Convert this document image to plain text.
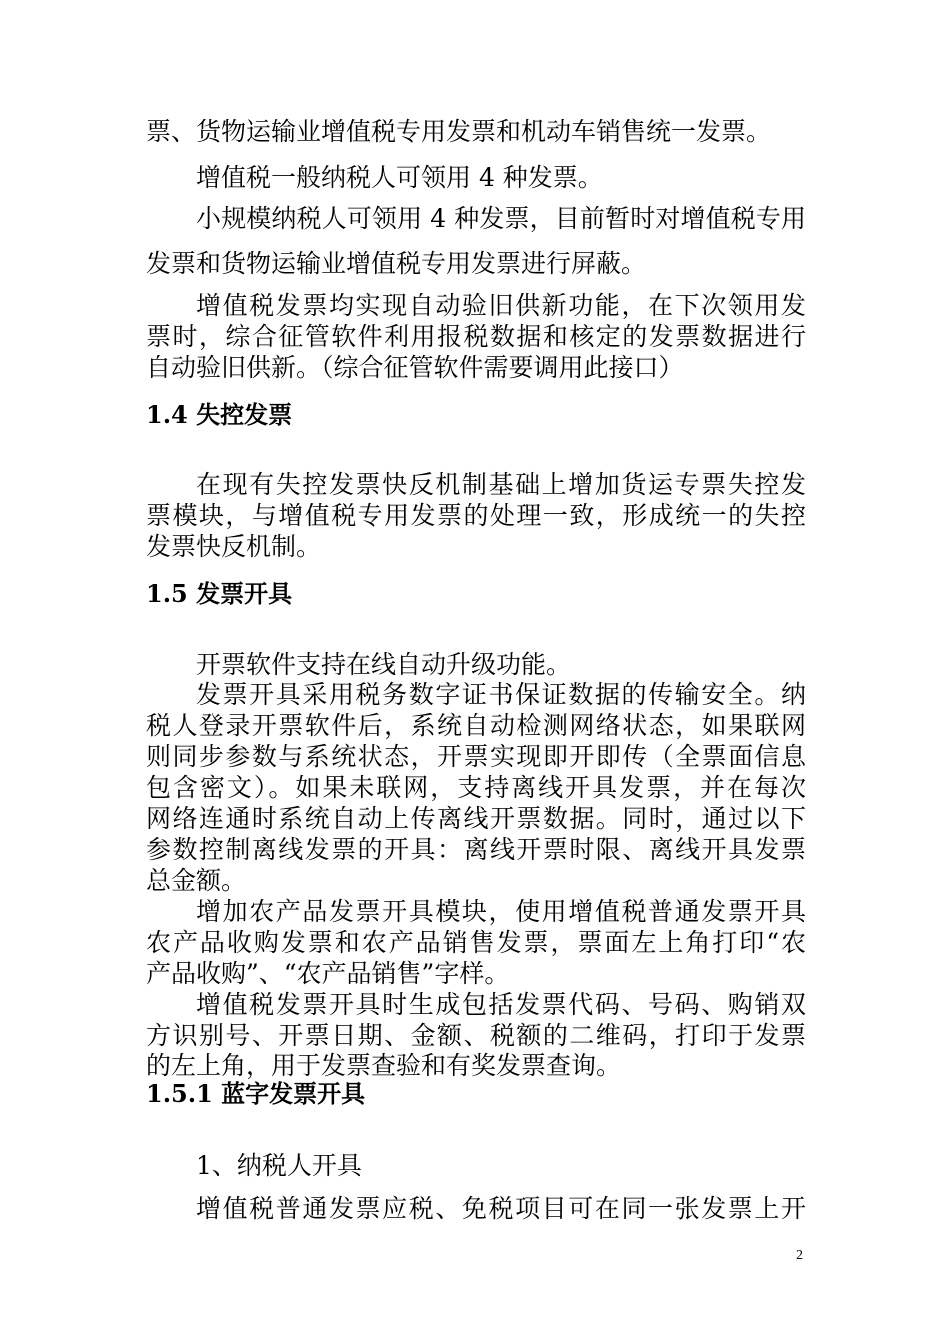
票、货物运输业增值税专用发票和机动车销售统一发票。
增值税一般纳税人可领用 4 种发票。
小规模纳税人可领用 4 种发票，目前暂时对增值税专用
发票和货物运输业增值税专用发票进行屏蔽。
增值税发票均实现自动验旧供新功能，在下次领用发
票时，综合征管软件利用报税数据和核定的发票数据进行
自动验旧供新。（综合征管软件需要调用此接口）
1.4 失控发票
在现有失控发票快反机制基础上增加货运专票失控发
票模块，与增值税专用发票的处理一致，形成统一的失控
发票快反机制。
1.5 发票开具
开票软件支持在线自动升级功能。
发票开具采用税务数字证书保证数据的传输安全。纳
税人登录开票软件后，系统自动检测网络状态，如果联网
则同步参数与系统状态，开票实现即开即传（全票面信息
包含密文）。如果未联网，支持离线开具发票，并在每次
网络连通时系统自动上传离线开票数据。同时，通过以下
参数控制离线发票的开具：离线开票时限、离线开具发票
总金额。
增加农产品发票开具模块，使用增值税普通发票开具
农产品收购发票和农产品销售发票，票面左上角打印“农
产品收购”、“农产品销售”字样。
增值税发票开具时生成包括发票代码、号码、购销双
方识别号、开票日期、金额、税额的二维码，打印于发票
的左上角，用于发票查验和有奖发票查询。
1.5.1 蓝字发票开具
1、纳税人开具
增值税普通发票应税、免税项目可在同一张发票上开
2
